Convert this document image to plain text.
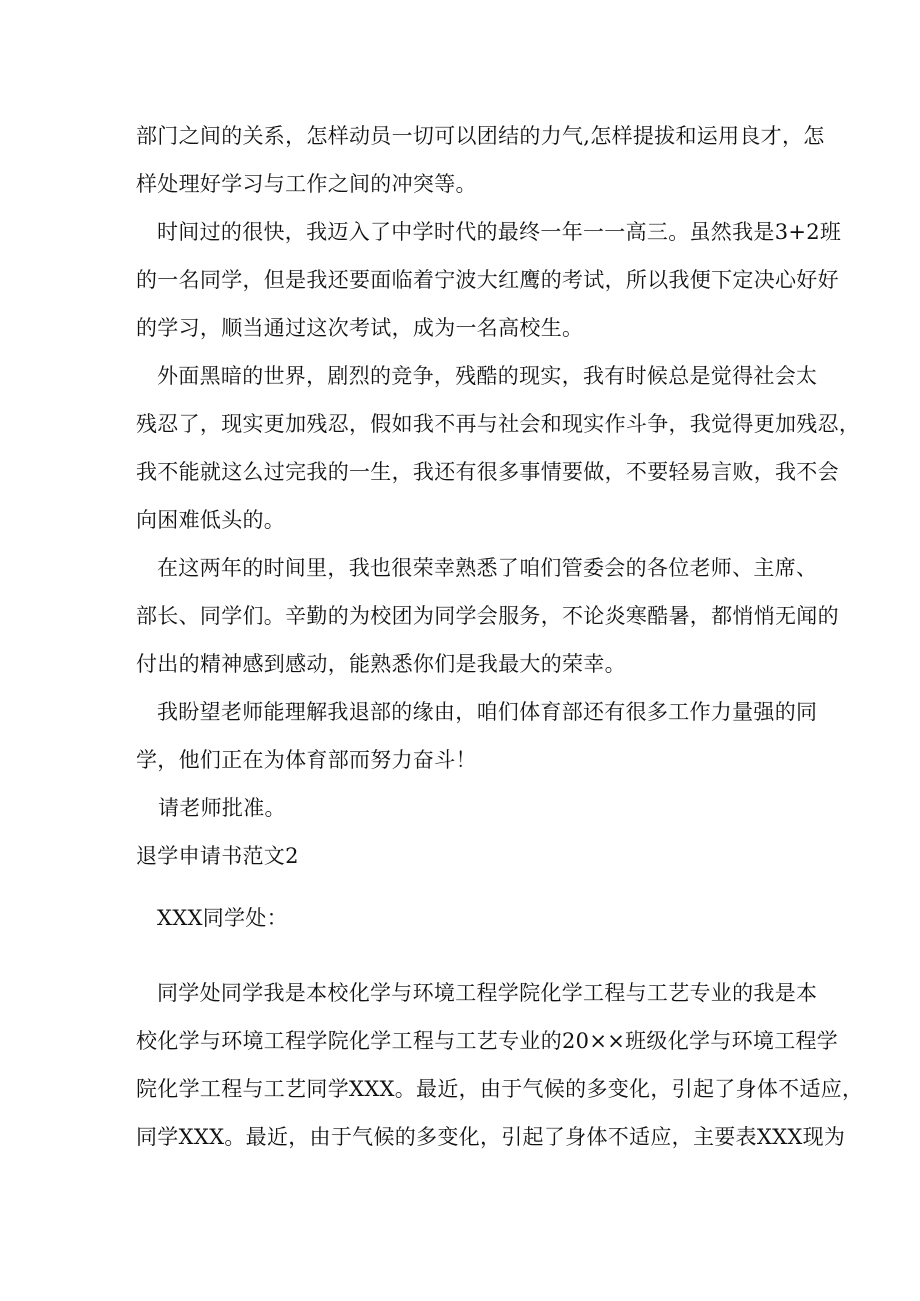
部门之间的关系，怎样动员一切可以团结的力气,怎样提拔和运用良才，怎
样处理好学习与工作之间的冲突等。
时间过的很快，我迈入了中学时代的最终一年一一高三。虽然我是3+2班
的一名同学，但是我还要面临着宁波大红鹰的考试，所以我便下定决心好好
的学习，顺当通过这次考试，成为一名高校生。
外面黑暗的世界，剧烈的竞争，残酷的现实，我有时候总是觉得社会太
残忍了，现实更加残忍，假如我不再与社会和现实作斗争，我觉得更加残忍，
我不能就这么过完我的一生，我还有很多事情要做，不要轻易言败，我不会
向困难低头的。
在这两年的时间里，我也很荣幸熟悉了咱们管委会的各位老师、主席、
部长、同学们。辛勤的为校团为同学会服务，不论炎寒酷暑，都悄悄无闻的
付出的精神感到感动，能熟悉你们是我最大的荣幸。
我盼望老师能理解我退部的缘由，咱们体育部还有很多工作力量强的同
学，他们正在为体育部而努力奋斗！
请老师批准。
退学申请书范文2
XXX同学处：
同学处同学我是本校化学与环境工程学院化学工程与工艺专业的我是本
校化学与环境工程学院化学工程与工艺专业的20××班级化学与环境工程学
院化学工程与工艺同学XXX。最近，由于气候的多变化，引起了身体不适应，
同学XXX。最近，由于气候的多变化，引起了身体不适应，主要表XXX现为
